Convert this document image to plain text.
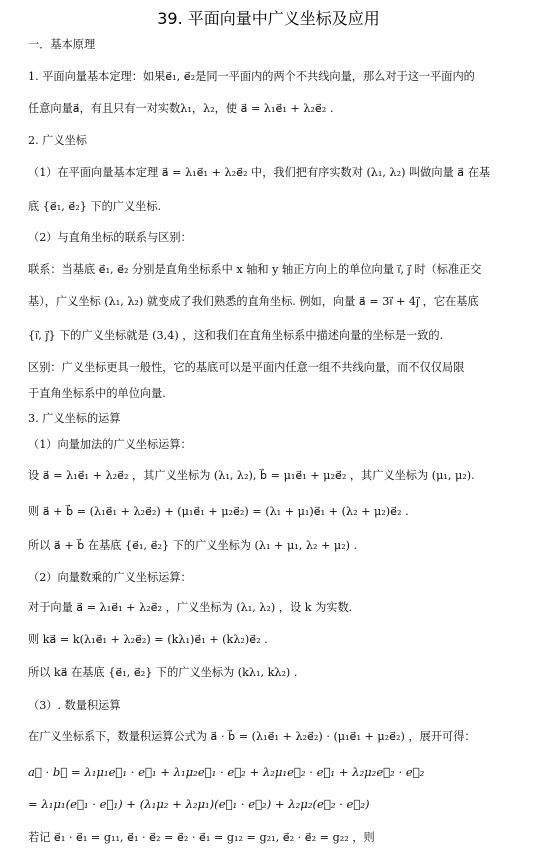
39. 平面向量中广义坐标及应用
一．基本原理
1. 平面向量基本定理：如果e⃗₁, e⃗₂是同一平面内的两个不共线向量，那么对于这一平面内的
任意向量a⃗，有且只有一对实数λ₁，λ₂，使 a⃗ = λ₁e⃗₁ + λ₂e⃗₂ .
2. 广义坐标
（1）在平面向量基本定理 a⃗ = λ₁e⃗₁ + λ₂e⃗₂ 中，我们把有序实数对 (λ₁, λ₂) 叫做向量 a⃗ 在基
底 {e⃗₁, e⃗₂} 下的广义坐标.
（2）与直角坐标的联系与区别：
联系：当基底 e⃗₁, e⃗₂ 分别是直角坐标系中 x 轴和 y 轴正方向上的单位向量 i⃗, j⃗ 时（标准正交
基），广义坐标 (λ₁, λ₂) 就变成了我们熟悉的直角坐标. 例如，向量 a⃗ = 3i⃗ + 4j⃗ ，它在基底
{i⃗, j⃗} 下的广义坐标就是 (3,4) ，这和我们在直角坐标系中描述向量的坐标是一致的.
区别：广义坐标更具一般性，它的基底可以是平面内任意一组不共线向量，而不仅仅局限
于直角坐标系中的单位向量.
3. 广义坐标的运算
（1）向量加法的广义坐标运算：
设 a⃗ = λ₁e⃗₁ + λ₂e⃗₂ ，其广义坐标为 (λ₁, λ₂), b⃗ = μ₁e⃗₁ + μ₂e⃗₂ ，其广义坐标为 (μ₁, μ₂).
则 a⃗ + b⃗ = (λ₁e⃗₁ + λ₂e⃗₂) + (μ₁e⃗₁ + μ₂e⃗₂) = (λ₁ + μ₁)e⃗₁ + (λ₂ + μ₂)e⃗₂ .
所以 a⃗ + b⃗ 在基底 {e⃗₁, e⃗₂} 下的广义坐标为 (λ₁ + μ₁, λ₂ + μ₂) .
（2）向量数乘的广义坐标运算：
对于向量 a⃗ = λ₁e⃗₁ + λ₂e⃗₂ ，广义坐标为 (λ₁, λ₂) ，设 k 为实数.
则 ka⃗ = k(λ₁e⃗₁ + λ₂e⃗₂) = (kλ₁)e⃗₁ + (kλ₂)e⃗₂ .
所以 ka⃗ 在基底 {e⃗₁, e⃗₂} 下的广义坐标为 (kλ₁, kλ₂) .
（3）. 数量积运算
在广义坐标系下，数量积运算公式为 a⃗ · b⃗ = (λ₁e⃗₁ + λ₂e⃗₂) · (μ₁e⃗₁ + μ₂e⃗₂) ，展开可得：
a⃗ · b⃗ = λ₁μ₁e⃗₁ · e⃗₁ + λ₁μ₂e⃗₁ · e⃗₂ + λ₂μ₁e⃗₂ · e⃗₁ + λ₂μ₂e⃗₂ · e⃗₂
= λ₁μ₁(e⃗₁ · e⃗₁) + (λ₁μ₂ + λ₂μ₁)(e⃗₁ · e⃗₂) + λ₂μ₂(e⃗₂ · e⃗₂)
若记 e⃗₁ · e⃗₁ = g₁₁, e⃗₁ · e⃗₂ = e⃗₂ · e⃗₁ = g₁₂ = g₂₁, e⃗₂ · e⃗₂ = g₂₂ ，则
